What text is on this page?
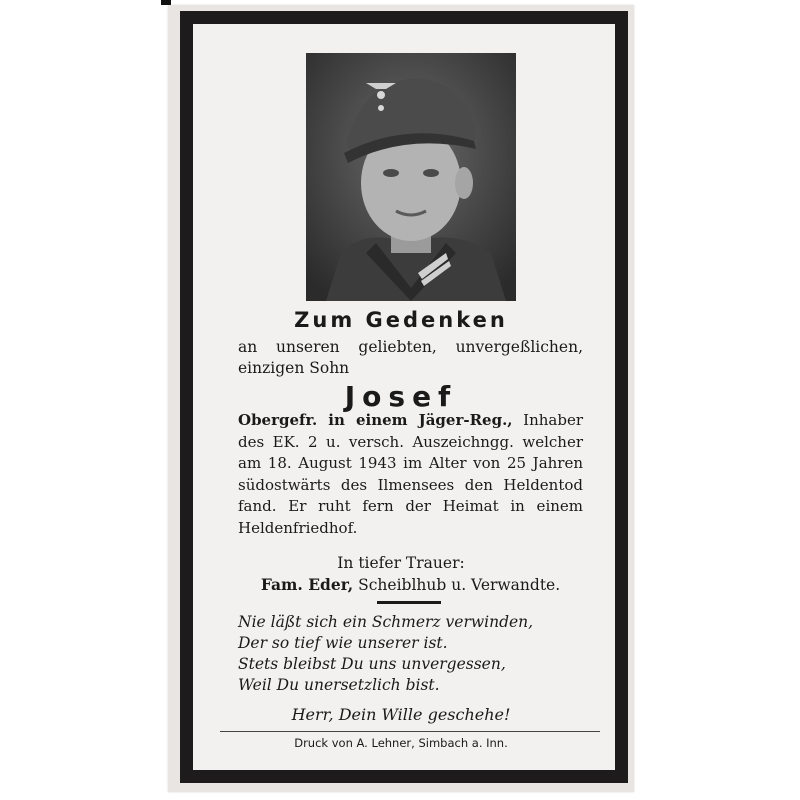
Zum Gedenken
an unseren geliebten, unvergeßlichen, einzigen Sohn
Josef
Obergefr. in einem Jäger-Reg., Inhaber des EK. 2 u. versch. Auszeichngg. welcher am 18. August 1943 im Alter von 25 Jahren südostwärts des Ilmensees den Heldentod fand. Er ruht fern der Heimat in einem Heldenfriedhof.
In tiefer Trauer:
Fam. Eder, Scheiblhub u. Verwandte.
Nie läßt sich ein Schmerz verwinden,
Der so tief wie unserer ist.
Stets bleibst Du uns unvergessen,
Weil Du unersetzlich bist.
Herr, Dein Wille geschehe!
Druck von A. Lehner, Simbach a. Inn.
